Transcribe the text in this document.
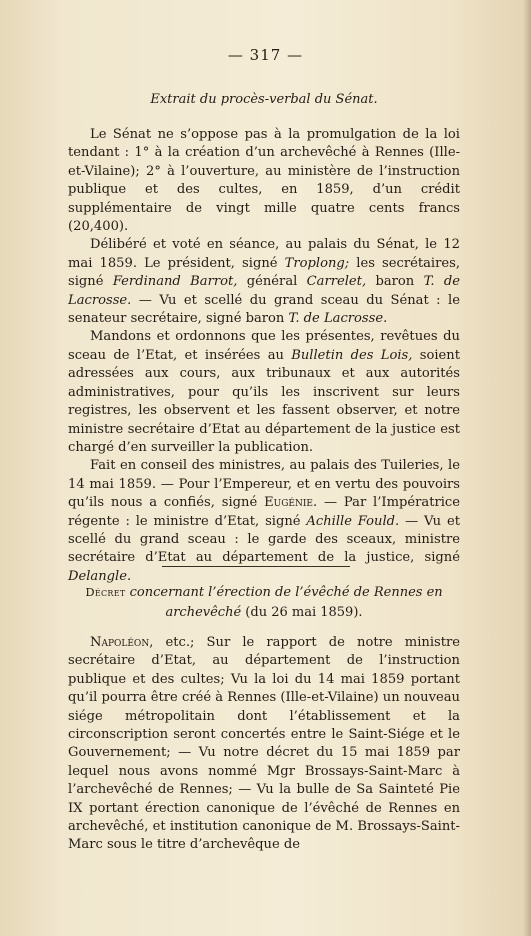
— 317 —
Extrait du procès-verbal du Sénat.

Le Sénat ne s’oppose pas à la promulgation de la loi tendant : 1° à la création d’un archevêché à Rennes (Ille-et-Vilaine); 2° à l’ouverture, au ministère de l’instruction publique et des cultes, en 1859, d’un crédit supplémentaire de vingt mille quatre cents francs (20,400).

Délibéré et voté en séance, au palais du Sénat, le 12 mai 1859. Le président, signé Troplong; les secrétaires, signé Ferdinand Barrot, général Carrelet, baron T. de Lacrosse. — Vu et scellé du grand sceau du Sénat : le senateur secrétaire, signé baron T. de Lacrosse.

Mandons et ordonnons que les présentes, revêtues du sceau de l’Etat, et insérées au Bulletin des Lois, soient adressées aux cours, aux tribunaux et aux autorités administratives, pour qu’ils les inscrivent sur leurs registres, les observent et les fassent observer, et notre ministre secrétaire d’Etat au département de la justice est chargé d’en surveiller la publication.

Fait en conseil des ministres, au palais des Tuileries, le 14 mai 1859. — Pour l’Empereur, et en vertu des pouvoirs qu’ils nous a confiés, signé Eugénie. — Par l’Impératrice régente : le ministre d’Etat, signé Achille Fould. — Vu et scellé du grand sceau : le garde des sceaux, ministre secrétaire d’Etat au département de la justice, signé Delangle.

Décret concernant l’érection de l’évêché de Rennes en archevêché (du 26 mai 1859).

Napoléon, etc.; Sur le rapport de notre ministre secrétaire d’Etat, au département de l’instruction publique et des cultes; Vu la loi du 14 mai 1859 portant qu’il pourra être créé à Rennes (Ille-et-Vilaine) un nouveau siége métropolitain dont l’établissement et la circonscription seront concertés entre le Saint-Siége et le Gouvernement; — Vu notre décret du 15 mai 1859 par lequel nous avons nommé Mgr Brossays-Saint-Marc à l’archevêché de Rennes; — Vu la bulle de Sa Sainteté Pie IX portant érection canonique de l’évêché de Rennes en archevêché, et institution canonique de M. Brossays-Saint-Marc sous le titre d’archevêque de
